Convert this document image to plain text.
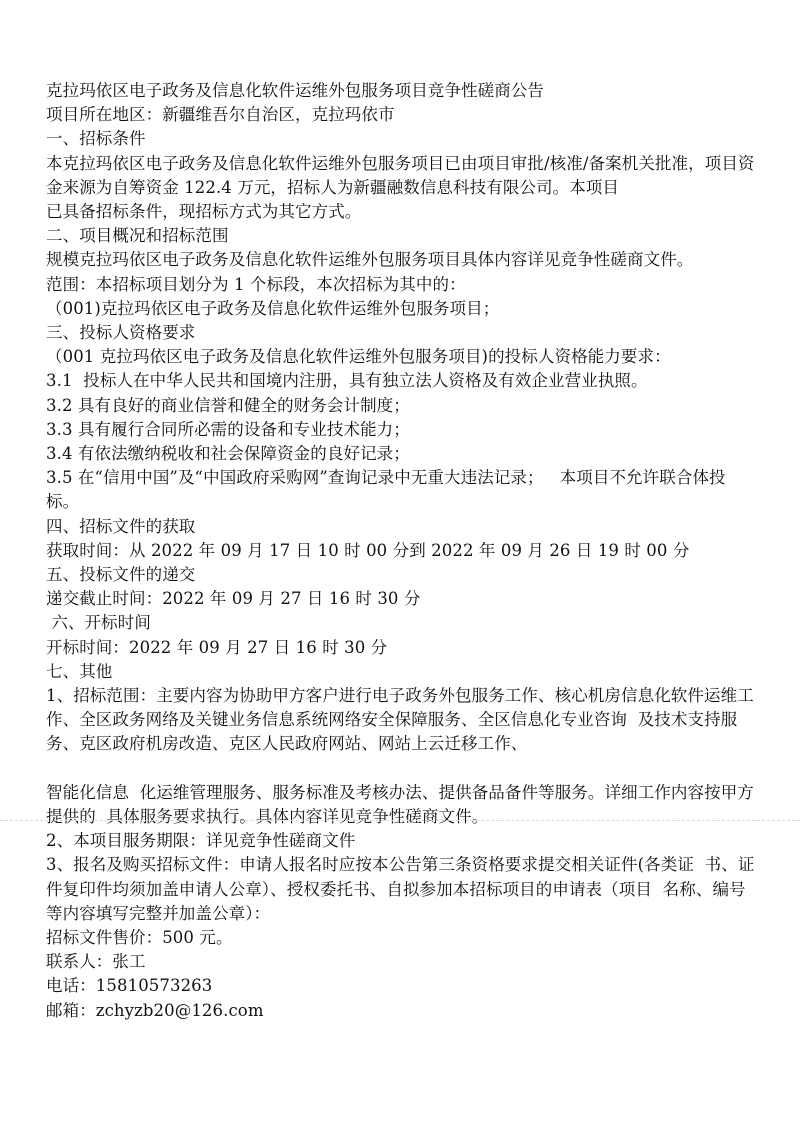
克拉玛依区电子政务及信息化软件运维外包服务项目竞争性磋商公告

项目所在地区：新疆维吾尔自治区，克拉玛依市

一、招标条件

本克拉玛依区电子政务及信息化软件运维外包服务项目已由项目审批/核准/备案机关批准，项目资金来源为自筹资金 122.4 万元，招标人为新疆融数信息科技有限公司。本项目

已具备招标条件，现招标方式为其它方式。

二、项目概况和招标范围

规模克拉玛依区电子政务及信息化软件运维外包服务项目具体内容详见竞争性磋商文件。

范围：本招标项目划分为 1 个标段，本次招标为其中的：

（001)克拉玛依区电子政务及信息化软件运维外包服务项目；

三、投标人资格要求

（001 克拉玛依区电子政务及信息化软件运维外包服务项目)的投标人资格能力要求：

3.1  投标人在中华人民共和国境内注册，具有独立法人资格及有效企业营业执照。

3.2 具有良好的商业信誉和健全的财务会计制度；

3.3 具有履行合同所必需的设备和专业技术能力；

3.4 有依法缴纳税收和社会保障资金的良好记录；

3.5 在“信用中国”及“中国政府采购网”查询记录中无重大违法记录；   本项目不允许联合体投标。

四、招标文件的获取

获取时间：从 2022 年 09 月 17 日 10 时 00 分到 2022 年 09 月 26 日 19 时 00 分

五、投标文件的递交

递交截止时间：2022 年 09 月 27 日 16 时 30 分

六、开标时间

开标时间：2022 年 09 月 27 日 16 时 30 分

七、其他

1、招标范围：主要内容为协助甲方客户进行电子政务外包服务工作、核心机房信息化软件运维工作、全区政务网络及关键业务信息系统网络安全保障服务、全区信息化专业咨询  及技术支持服务、克区政府机房改造、克区人民政府网站、网站上云迁移工作、

智能化信息  化运维管理服务、服务标准及考核办法、提供备品备件等服务。详细工作内容按甲方提供的  具体服务要求执行。具体内容详见竞争性磋商文件。

2、本项目服务期限：详见竞争性磋商文件

3、报名及购买招标文件：申请人报名时应按本公告第三条资格要求提交相关证件(各类证  书、证件复印件均须加盖申请人公章）、授权委托书、自拟参加本招标项目的申请表（项目  名称、编号等内容填写完整并加盖公章）：

招标文件售价：500 元。

联系人：张工

电话：15810573263

邮箱：zchyzb20@126.com
